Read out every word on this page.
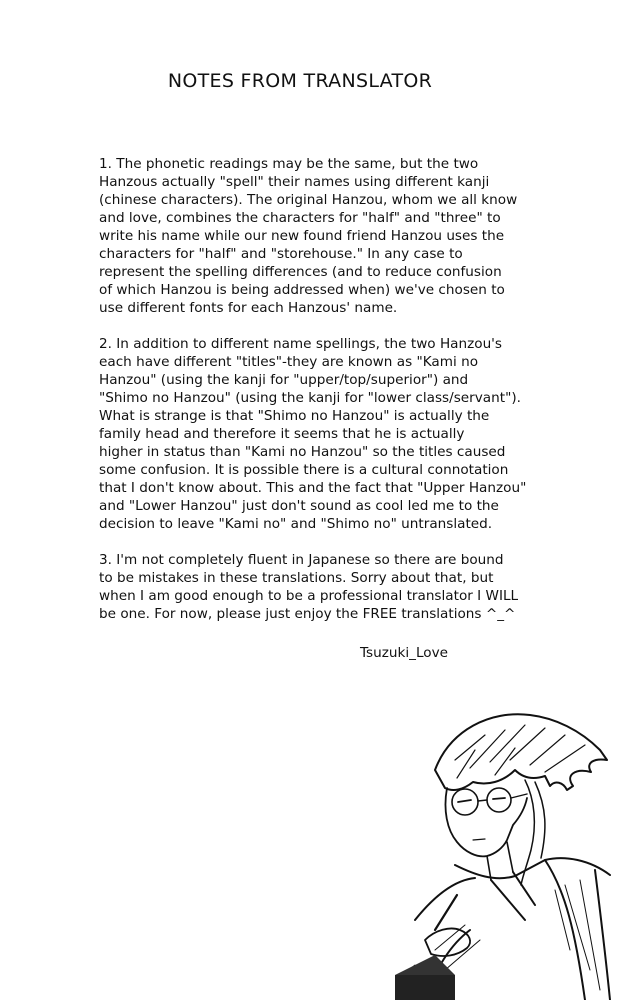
NOTES FROM TRANSLATOR
1. The phonetic readings may be the same, but the two
Hanzous actually "spell" their names using different kanji
(chinese characters). The original Hanzou, whom we all know
and love, combines the characters for "half" and "three" to
write his name while our new found friend Hanzou uses the
characters for "half" and "storehouse." In any case to
represent the spelling differences (and to reduce confusion
of which Hanzou is being addressed when) we've chosen to
use different fonts for each Hanzous' name.
2. In addition to different name spellings, the two Hanzou's
each have different "titles"-they are known as "Kami no
Hanzou" (using the kanji for "upper/top/superior") and
"Shimo no Hanzou" (using the kanji for "lower class/servant").
What is strange is that "Shimo no Hanzou" is actually the
family head and therefore it seems that he is actually
higher in status than "Kami no Hanzou" so the titles caused
some confusion. It is possible there is a cultural connotation
that I don't know about. This and the fact that "Upper Hanzou"
and "Lower Hanzou" just don't sound as cool led me to the
decision to leave "Kami no" and "Shimo no" untranslated.
3. I'm not completely fluent in Japanese so there are bound
to be mistakes in these translations. Sorry about that, but
when I am good enough to be a professional translator I WILL
be one. For now, please just enjoy the FREE translations ^_^
Tsuzuki_Love
